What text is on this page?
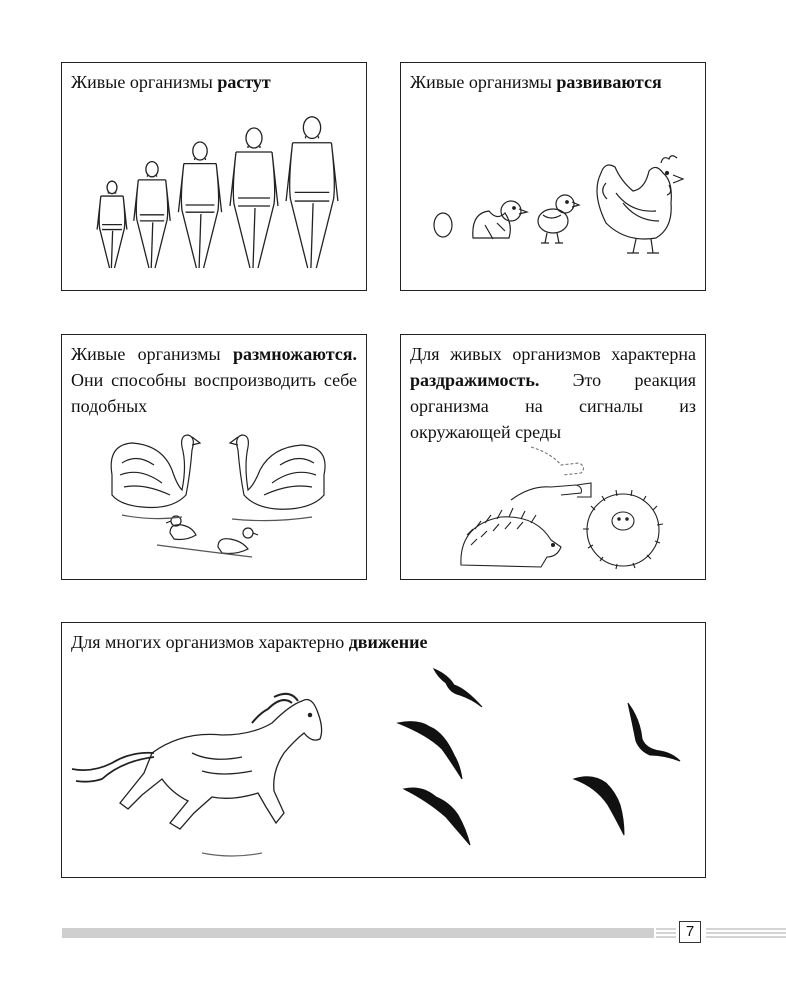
Живые организмы растут	Живые организмы развиваются
Живые организмы размножаются. Они способны воспроизводить себе подобных
Для живых организмов характерна раздражимость. Это реакция организма на сигналы из окружающей среды
Для многих организмов характерно движение
7
